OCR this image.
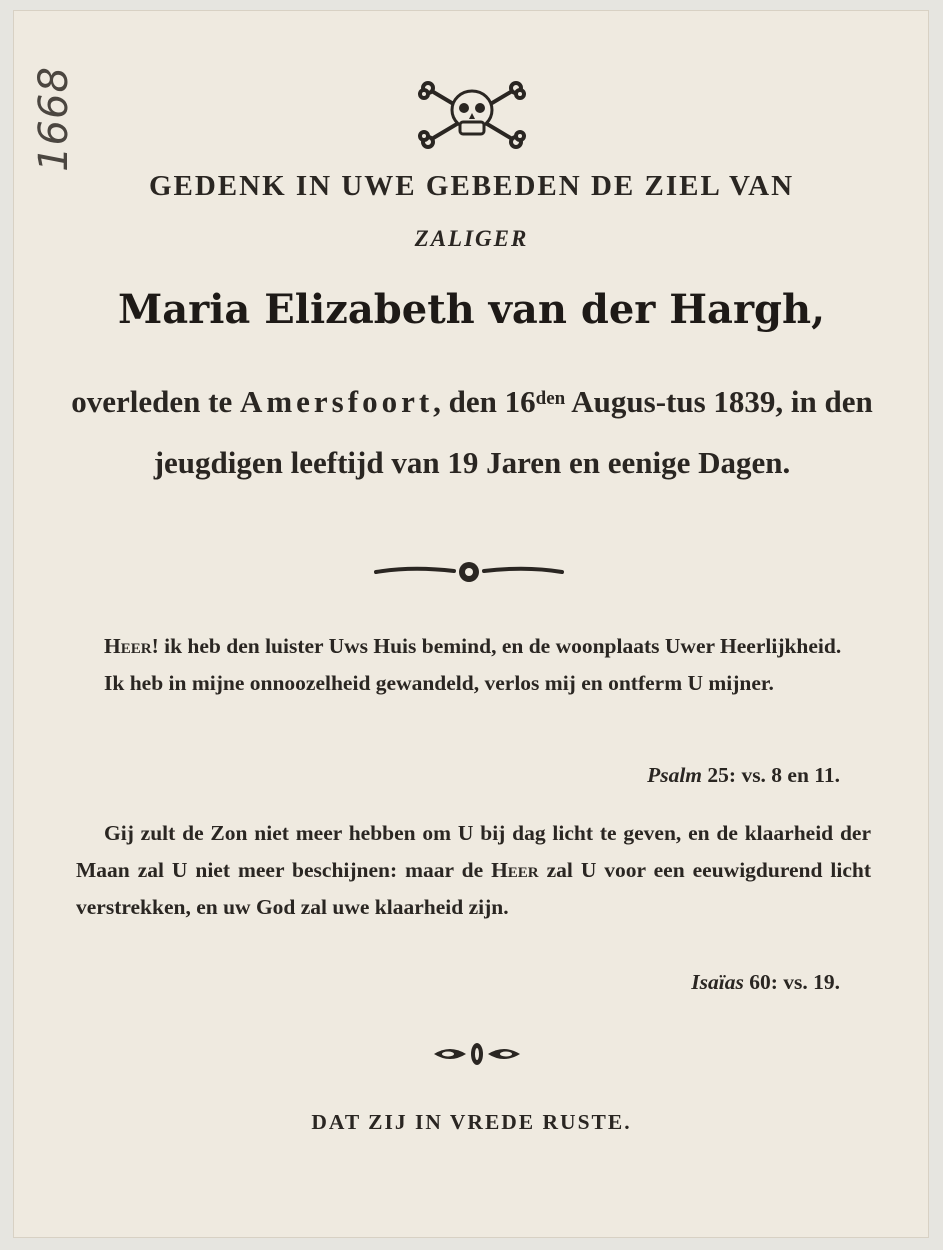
1668
GEDENK IN UWE GEBEDEN DE ZIEL VAN
ZALIGER
Maria Elizabeth van der Hargh,
overleden te Amersfoort, den $16^{den}$ Augus-tus 1839, in den jeugdigen leeftijd van 19 Jaren en eenige Dagen.
Heer! ik heb den luister Uws Huis bemind, en de woonplaats Uwer Heerlijkheid.
Ik heb in mijne onnoozelheid gewandeld, verlos mij en ontferm U mijner.
Psalm 25: vs. 8 en 11.
Gij zult de Zon niet meer hebben om U bij dag licht te geven, en de klaarheid der Maan zal U niet meer beschijnen: maar de Heer zal U voor een eeuwigdurend licht verstrekken, en uw God zal uwe klaarheid zijn.
Isaïas 60: vs. 19.
DAT ZIJ IN VREDE RUSTE.
